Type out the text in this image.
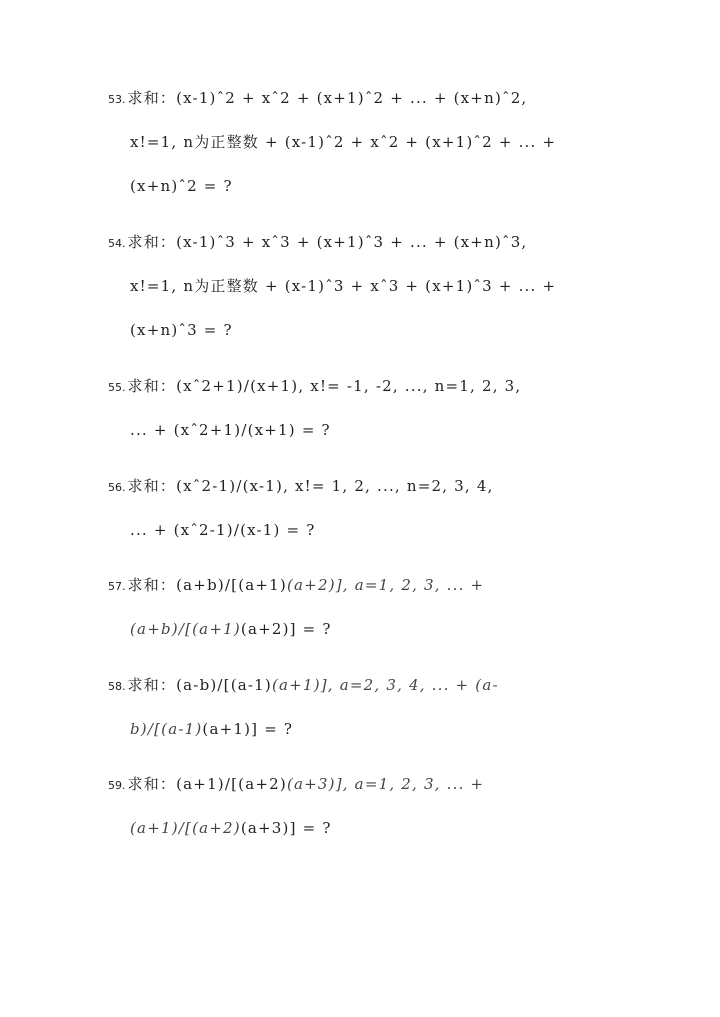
53. 求和：(x-1)ˆ2 + xˆ2 + (x+1)ˆ2 + ... + (x+n)ˆ2,
x!=1, n为正整数 + (x-1)ˆ2 + xˆ2 + (x+1)ˆ2 + ... +
(x+n)ˆ2 = ?
54. 求和：(x-1)ˆ3 + xˆ3 + (x+1)ˆ3 + ... + (x+n)ˆ3,
x!=1, n为正整数 + (x-1)ˆ3 + xˆ3 + (x+1)ˆ3 + ... +
(x+n)ˆ3 = ?
55. 求和：(xˆ2+1)/(x+1), x!= -1, -2, ..., n=1, 2, 3,
... + (xˆ2+1)/(x+1) = ?
56. 求和：(xˆ2-1)/(x-1), x!= 1, 2, ..., n=2, 3, 4,
... + (xˆ2-1)/(x-1) = ?
57. 求和：(a+b)/[(a+1)(a+2)], a=1, 2, 3, ... +
(a+b)/[(a+1)(a+2)] = ?
58. 求和：(a-b)/[(a-1)(a+1)], a=2, 3, 4, ... + (a-
b)/[(a-1)(a+1)] = ?
59. 求和：(a+1)/[(a+2)(a+3)], a=1, 2, 3, ... +
(a+1)/[(a+2)(a+3)] = ?
